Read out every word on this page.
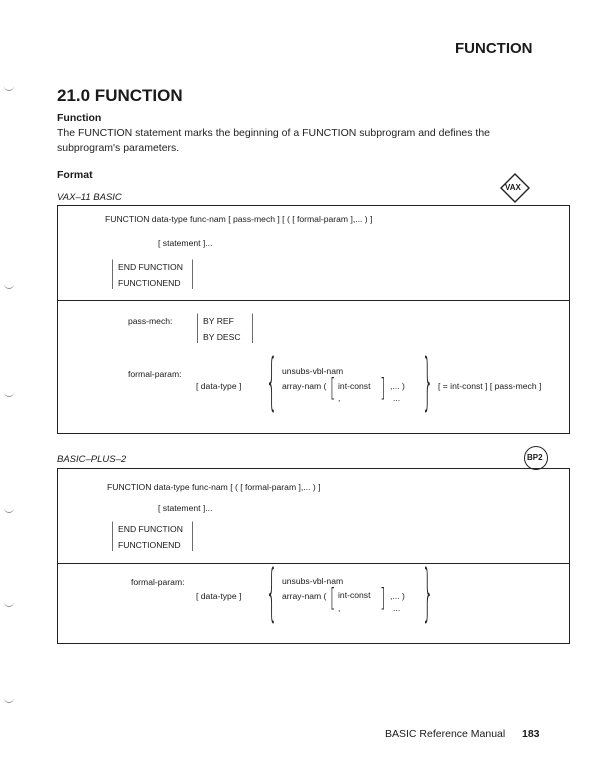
FUNCTION
21.0 FUNCTION
Function
The FUNCTION statement marks the beginning of a FUNCTION subprogram and defines the subprogram's parameters.
Format
VAX–11 BASIC
VAX
FUNCTION data-type func-nam [ pass-mech ] [ ( [ formal-param ],... ) ]
[ statement ]...
| END FUNCTION
FUNCTIONEND |
pass-mech: | BY REF
BY DESC |
formal-param:
[ data-type ] { unsubs-vbl-nam
array-nam ( [ int-const
,	] ,... )
... } [ = int-const ] [ pass-mech ]
BASIC–PLUS–2	BP2
FUNCTION data-type func-nam [ ( [ formal-param ],... ) ]
[ statement ]...
| END FUNCTION
FUNCTIONEND |
formal-param:
[ data-type ] { unsubs-vbl-nam
array-nam ( [ int-const
,	] ,... )
... }
BASIC Reference Manual 183
